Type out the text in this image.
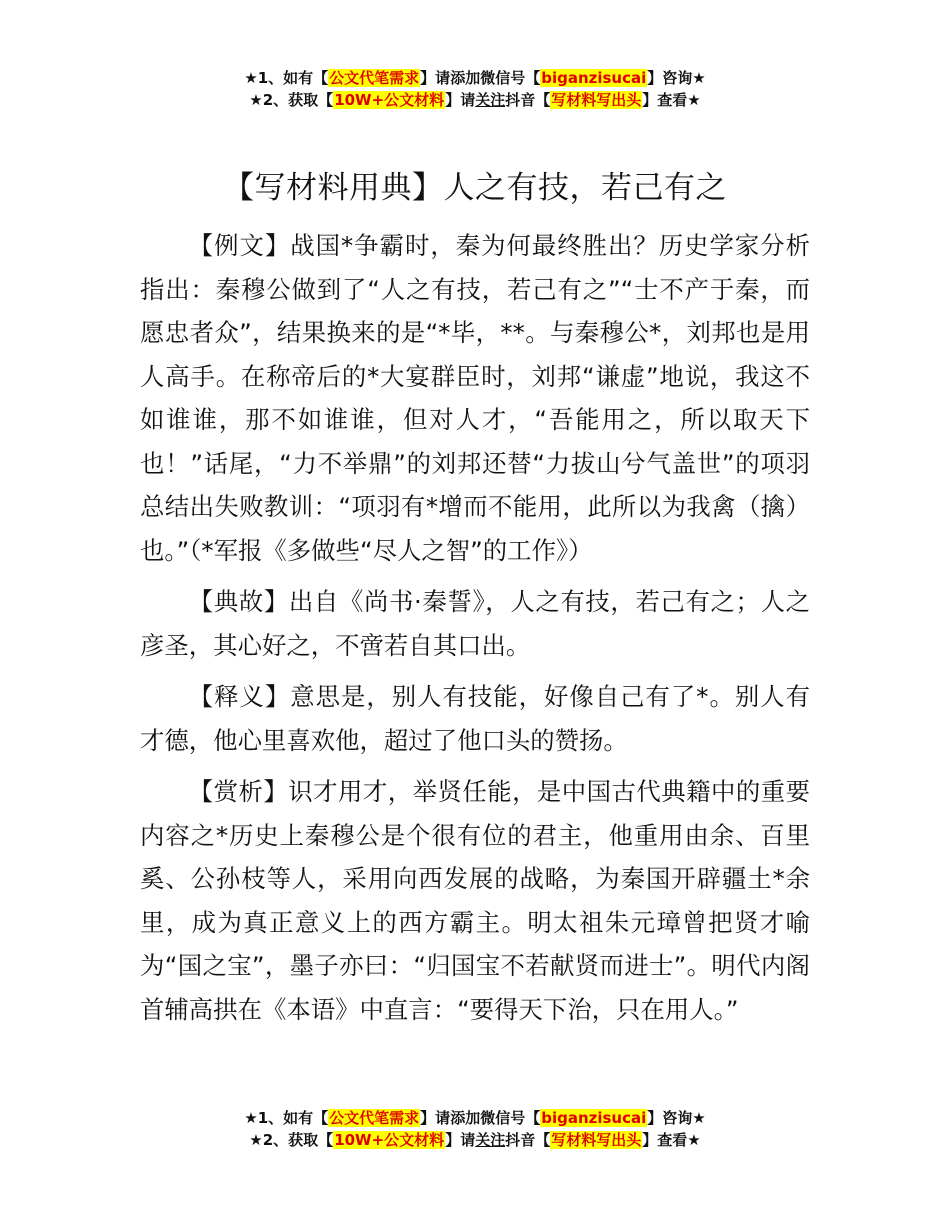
★1、如有【公文代笔需求】请添加微信号【biganzisucai】咨询★
★2、获取【10W+公文材料】请关注抖音【写材料写出头】查看★
【写材料用典】人之有技，若己有之

【例文】战国*争霸时，秦为何最终胜出？历史学家分析指出：秦穆公做到了“人之有技，若己有之”“士不产于秦，而愿忠者众”，结果换来的是“*毕，**。与秦穆公*，刘邦也是用人高手。在称帝后的*大宴群臣时，刘邦“谦虚”地说，我这不如谁谁，那不如谁谁，但对人才，“吾能用之，所以取天下也！”话尾，“力不举鼎”的刘邦还替“力拔山兮气盖世”的项羽总结出失败教训：“项羽有*增而不能用，此所以为我禽（擒）也。”（*军报《多做些“尽人之智”的工作》）

【典故】出自《尚书·秦誓》，人之有技，若己有之；人之彦圣，其心好之，不啻若自其口出。

【释义】意思是，别人有技能，好像自己有了*。别人有才德，他心里喜欢他，超过了他口头的赞扬。

【赏析】识才用才，举贤任能，是中国古代典籍中的重要内容之*历史上秦穆公是个很有位的君主，他重用由余、百里奚、公孙枝等人，采用向西发展的战略，为秦国开辟疆土*余里，成为真正意义上的西方霸主。明太祖朱元璋曾把贤才喻为“国之宝”，墨子亦曰：“归国宝不若献贤而进士”。明代内阁首辅高拱在《本语》中直言：“要得天下治，只在用人。”

★1、如有【公文代笔需求】请添加微信号【biganzisucai】咨询★
★2、获取【10W+公文材料】请关注抖音【写材料写出头】查看★
